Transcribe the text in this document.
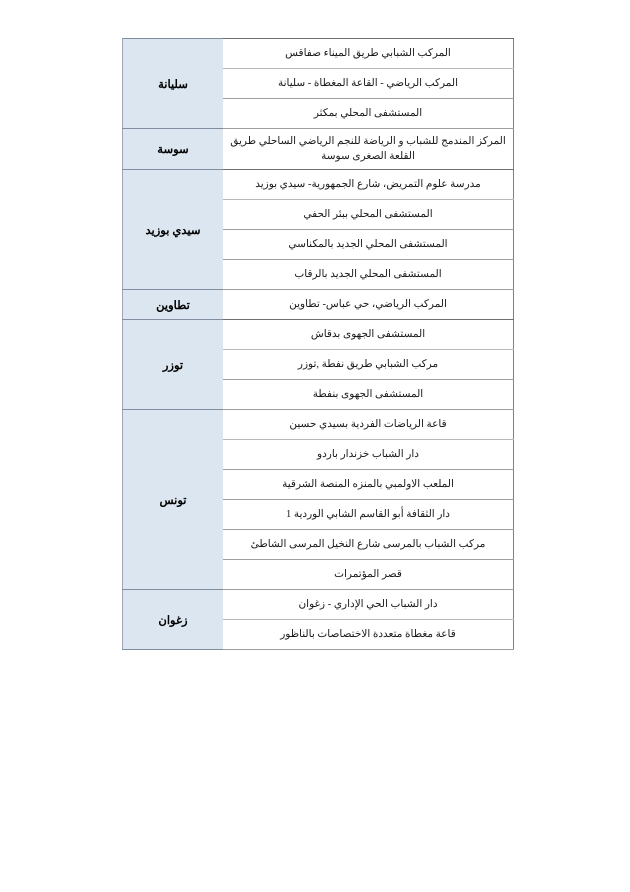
المركب الشبابي طريق الميناء صفاقس	سليانة

المركب الرياضي - القاعة المغطاة - سليانة	

المستشفى المحلي بمكثر	

المركز المندمج للشباب و الرياضة للنجم الرياضي الساحلي طريق القلعة الصغرى سوسة	سوسة

مدرسة علوم التمريض، شارع الجمهورية- سيدي بوزيد	سيدي بوزيد

المستشفى المحلي ببئر الحفي	

المستشفى المحلي الجديد بالمكناسي	

المستشفى المحلي الجديد بالرقاب	

المركب الرياضي، حي عباس- تطاوين	تطاوين

المستشفى الجهوى بدقاش	توزر

مركب الشبابي طريق نفطة ,توزر	

المستشفى الجهوى بنفطة	

قاعة الرياضات الفردية بسيدي حسين	تونس

دار الشباب خزندار باردو	

الملعب الاولمبي بالمنزه المنصة الشرقية	

دار الثقافة أبو القاسم الشابي الوردية 1	

مركب الشباب بالمرسى شارع النخيل المرسى الشاطئ	

قصر المؤتمرات	

دار الشباب الحي الإداري - زغوان	زغوان

قاعة مغطاة متعددة الاختصاصات بالناظور	
